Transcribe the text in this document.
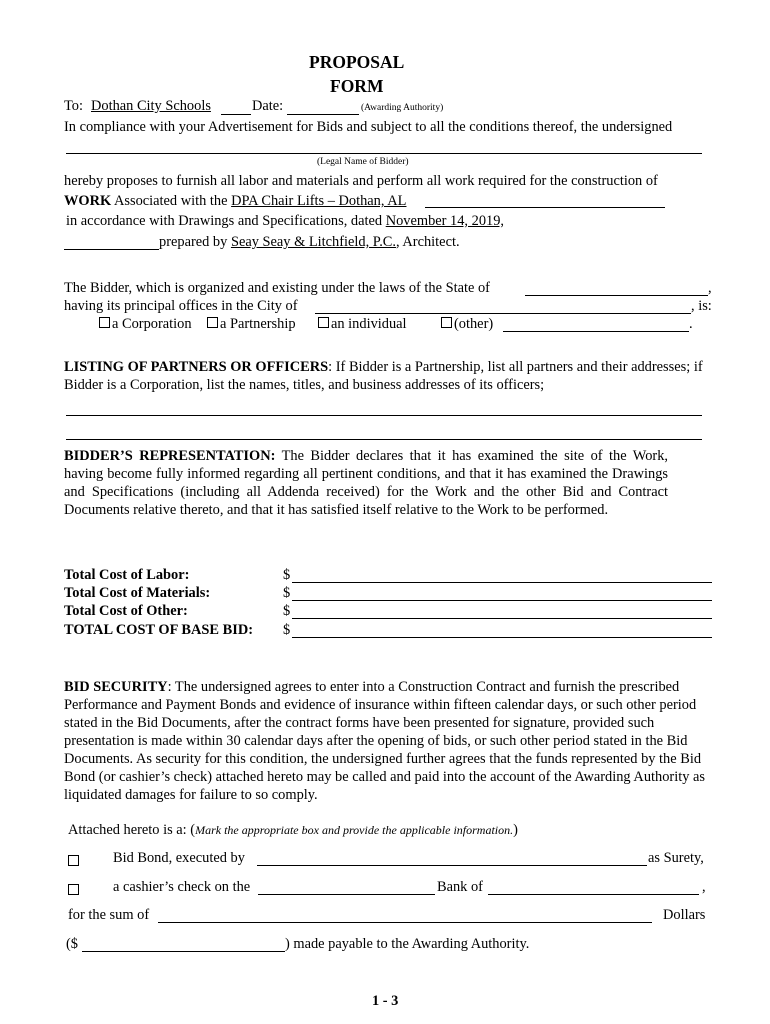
PROPOSAL
FORM
To: Dothan City Schools	Date:	(Awarding Authority)
In compliance with your Advertisement for Bids and subject to all the conditions thereof, the undersigned
(Legal Name of Bidder)
hereby proposes to furnish all labor and materials and perform all work required for the construction of
WORK Associated with the DPA Chair Lifts – Dothan, AL
in accordance with Drawings and Specifications, dated November 14, 2019,
prepared by Seay Seay & Litchfield, P.C., Architect.
The Bidder, which is organized and existing under the laws of the State of	,
having its principal offices in the City of	, is:
a Corporation	a Partnership	an individual	(other)	.
LISTING OF PARTNERS OR OFFICERS: If Bidder is a Partnership, list all partners and their addresses; if Bidder is a Corporation, list the names, titles, and business addresses of its officers;
BIDDER’S REPRESENTATION: The Bidder declares that it has examined the site of the Work, having become fully informed regarding all pertinent conditions, and that it has examined the Drawings and Specifications (including all Addenda received) for the Work and the other Bid and Contract Documents relative thereto, and that it has satisfied itself relative to the Work to be performed.
Total Cost of Labor:	$
Total Cost of Materials:	$
Total Cost of Other:	$
TOTAL COST OF BASE BID: $
BID SECURITY: The undersigned agrees to enter into a Construction Contract and furnish the prescribed Performance and Payment Bonds and evidence of insurance within fifteen calendar days, or such other period stated in the Bid Documents, after the contract forms have been presented for signature, provided such presentation is made within 30 calendar days after the opening of bids, or such other period stated in the Bid Documents. As security for this condition, the undersigned further agrees that the funds represented by the Bid Bond (or cashier’s check) attached hereto may be called and paid into the account of the Awarding Authority as liquidated damages for failure to so comply.
Attached hereto is a: (Mark the appropriate box and provide the applicable information.)
Bid Bond, executed by	as Surety,
a cashier’s check on the	Bank of	,
for the sum of	Dollars
($	) made payable to the Awarding Authority.
1 - 3
